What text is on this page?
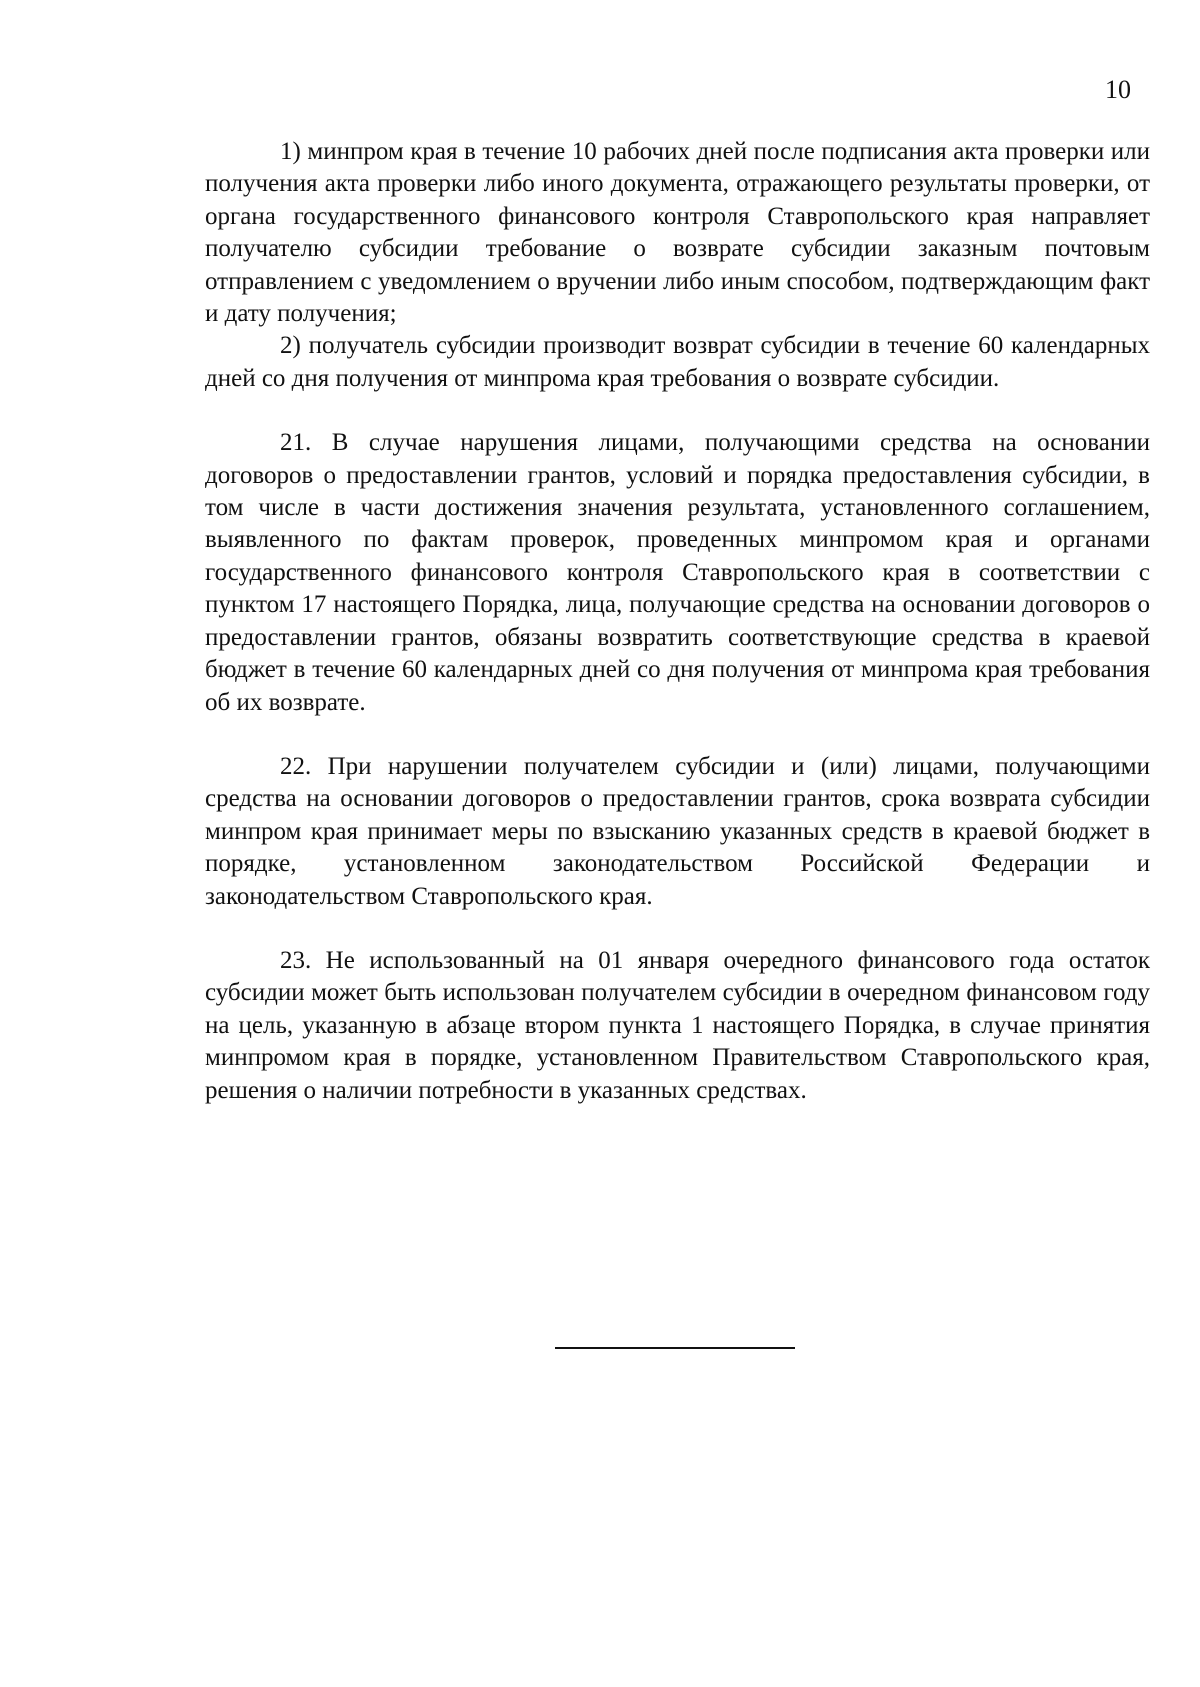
10

1) минпром края в течение 10 рабочих дней после подписания акта проверки или получения акта проверки либо иного документа, отражающего результаты проверки, от органа государственного финансового контроля Ставропольского края направляет получателю субсидии требование о возврате субсидии заказным почтовым отправлением с уведомлением о вручении либо иным способом, подтверждающим факт и дату получения;

2) получатель субсидии производит возврат субсидии в течение 60 календарных дней со дня получения от минпрома края требования о возврате субсидии.

21. В случае нарушения лицами, получающими средства на основании договоров о предоставлении грантов, условий и порядка предоставления субсидии, в том числе в части достижения значения результата, установленного соглашением, выявленного по фактам проверок, проведенных минпромом края и органами государственного финансового контроля Ставропольского края в соответствии с пунктом 17 настоящего Порядка, лица, получающие средства на основании договоров о предоставлении грантов, обязаны возвратить соответствующие средства в краевой бюджет в течение 60 календарных дней со дня получения от минпрома края требования об их возврате.

22. При нарушении получателем субсидии и (или) лицами, получающими средства на основании договоров о предоставлении грантов, срока возврата субсидии минпром края принимает меры по взысканию указанных средств в краевой бюджет в порядке, установленном законодательством Российской Федерации и законодательством Ставропольского края.

23. Не использованный на 01 января очередного финансового года остаток субсидии может быть использован получателем субсидии в очередном финансовом году на цель, указанную в абзаце втором пункта 1 настоящего Порядка, в случае принятия минпромом края в порядке, установленном Правительством Ставропольского края, решения о наличии потребности в указанных средствах.
